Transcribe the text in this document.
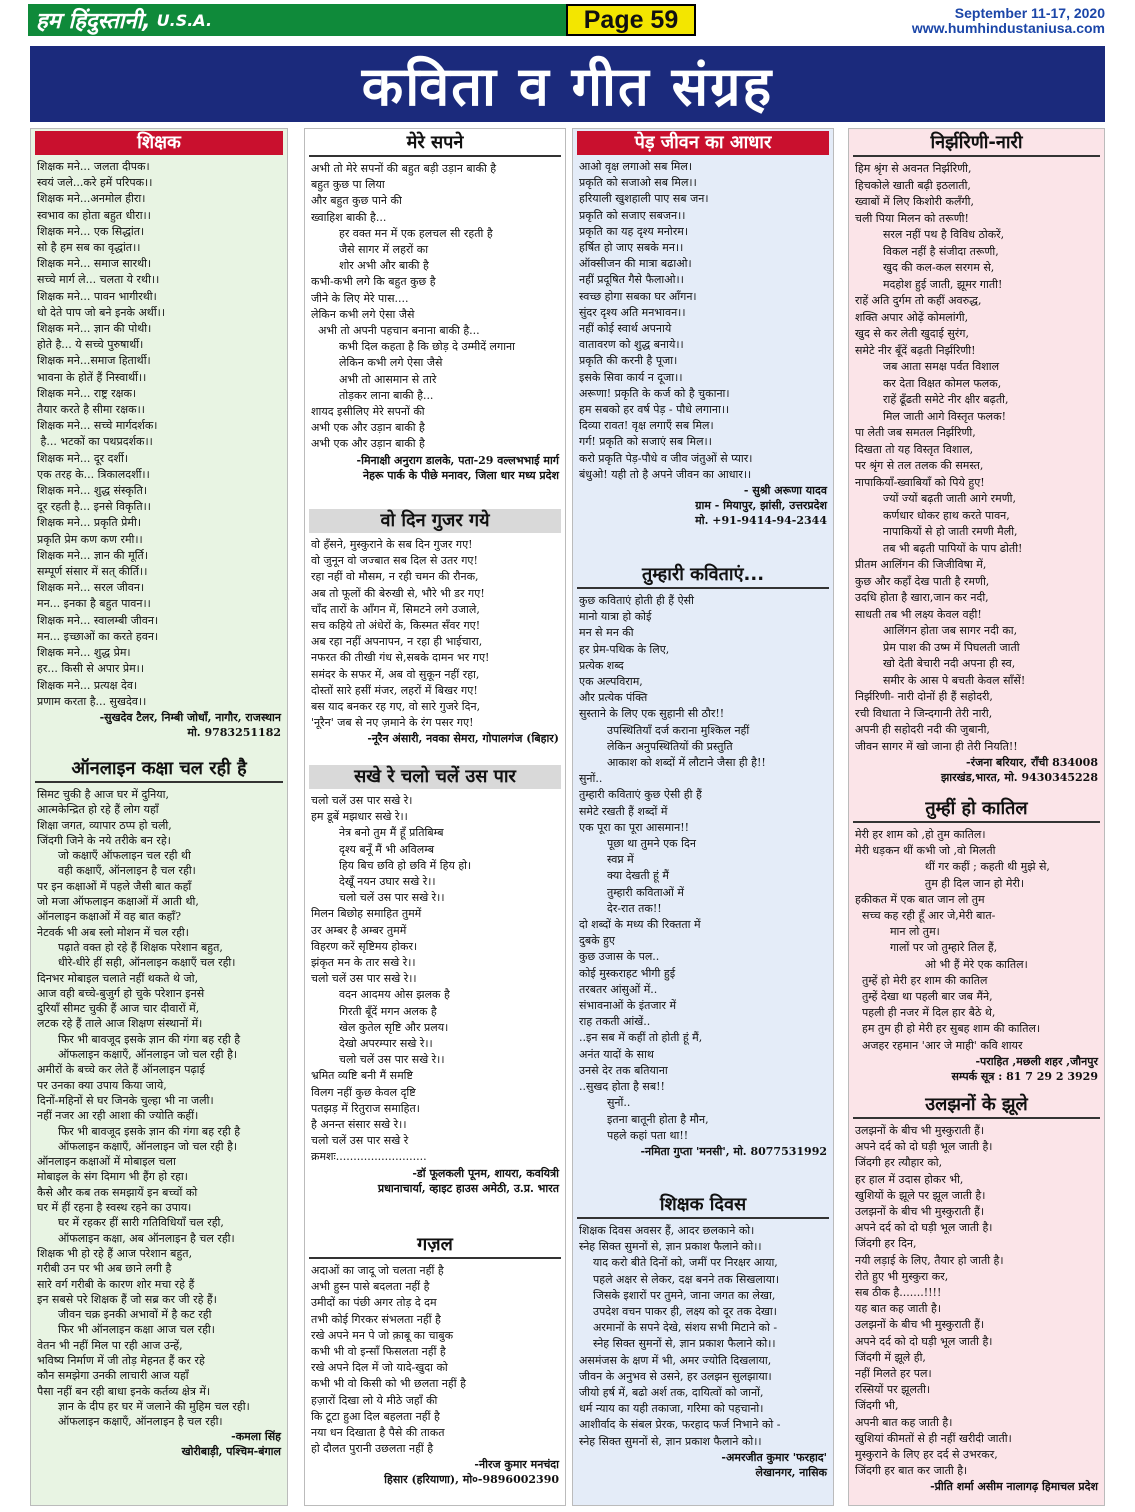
हम हिंदुस्तानी, U.S.A.	Page 59	September 11-17, 2020
www.humhindustaniusa.com
कविता व गीत संग्रह
शिक्षक
शिक्षक मने... जलता दीपक।
स्वयं जले...करे हमें परिपक।।
शिक्षक मने...अनमोल हीरा।
स्वभाव का होता बहुत धीरा।।
शिक्षक मने... एक सिद्धांत।
सो है हम सब का वृद्धांत।।
शिक्षक मने... समाज सारथी।
सच्चे मार्ग ले... चलता ये रथी।।
शिक्षक मने... पावन भागीरथी।
धो देते पाप जो बने इनके अर्थी।।
शिक्षक मने... ज्ञान की पोथी।
होते है... ये सच्चे पुरुषार्थी।
शिक्षक मने...समाज हितार्थी।
भावना के होतें हैं निस्वार्थी।।
शिक्षक मने... राष्ट्र रक्षक।
तैयार करते है सीमा रक्षक।।
शिक्षक मने... सच्चे मार्गदर्शक।
है... भटकों का पथप्रदर्शक।।
शिक्षक मने... दूर दर्शी।
एक तरह के... त्रिकालदर्शी।।
शिक्षक मने... शुद्ध संस्कृति।
दूर रहती है... इनसे विकृति।।
शिक्षक मने... प्रकृति प्रेमी।
प्रकृति प्रेम कण कण रमी।।
शिक्षक मने... ज्ञान की मूर्ति।
सम्पूर्ण संसार में सत् कीर्ति।।
शिक्षक मने... सरल जीवन।
मन... इनका है बहुत पावन।।
शिक्षक मने... स्वालम्बी जीवन।
मन... इच्छाओं का करते हवन।
शिक्षक मने... शुद्ध प्रेम।
हर... किसी से अपार प्रेम।।
शिक्षक मने... प्रत्यक्ष देव।
प्रणाम करता है... सुखदेव।।
-सुखदेव टैलर, निम्बी जोधाँ, नागौर, राजस्थान
मो. 9783251182
ऑनलाइन कक्षा चल रही है
सिमट चुकी है आज घर में दुनिया,
आत्मकेन्द्रित हो रहे हैं लोग यहाँ
शिक्षा जगत, व्यापार ठप्प हो चली,
जिंदगी जिने के नये तरीके बन रहे।
जो कक्षाएँ ऑफलाइन चल रही थी
वही कक्षाएँ, ऑनलाइन है चल रही।
पर इन कक्षाओं में पहले जैसी बात कहाँ
जो मजा ऑफलाइन कक्षाओं में आती थी,
ऑनलाइन कक्षाओं में वह बात कहाँ?
नेटवर्क भी अब स्लो मोशन में चल रही।
पढ़ाते वक्त हो रहे हैं शिक्षक परेशान बहुत,
धीरे-धीरे हीं सही, ऑनलाइन कक्षाएँ चल रही।
दिनभर मोबाइल चलाते नहीं थकते थे जो,
आज वही बच्चे-बुजुर्ग हो चुके परेशान इनसे
दुरियाँ सीमट चुकी हैं आज चार दीवारों में,
लटक रहे हैं ताले आज शिक्षण संस्थानों में।
फिर भी बावजूद इसके ज्ञान की गंगा बह रही है
ऑफलाइन कक्षाएँ, ऑनलाइन जो चल रही है।
अमीरों के बच्चे कर लेते हैं ऑनलाइन पढ़ाई
पर उनका क्या उपाय किया जाये,
दिनों-महिनों से घर जिनके चुल्हा भी ना जली।
नहीं नजर आ रही आशा की ज्योति कहीं।
फिर भी बावजूद इसके ज्ञान की गंगा बह रही है
ऑफलाइन कक्षाएँ, ऑनलाइन जो चल रही है।
ऑनलाइन कक्षाओं में मोबाइल चला
मोबाइल के संग दिमाग भी हैंग हो रहा।
कैसे और कब तक समझायें इन बच्चों को
घर में हीं रहना है स्वस्थ रहने का उपाय।
घर में रहकर हीं सारी गतिविधियाँ चल रही,
ऑफलाइन कक्षा, अब ऑनलाइन है चल रही।
शिक्षक भी हो रहे हैं आज परेशान बहुत,
गरीबी उन पर भी अब छाने लगी है
सारे वर्ग गरीबी के कारण शोर मचा रहे हैं
इन सबसे परे शिक्षक हैं जो सब्र कर जी रहे हैं।
जीवन चक्र इनकी अभावों में है कट रही
फिर भी ऑनलाइन कक्षा आज चल रही।
वेतन भी नहीं मिल पा रही आज उन्हें,
भविष्य निर्माण में जी तोड़ मेहनत हैं कर रहे
कौन समझेगा उनकी लाचारी आज यहाँ
पैसा नहीं बन रही बाधा इनके कर्तव्य क्षेत्र में।
ज्ञान के दीप हर घर में जलाने की मुहिम चल रही।
ऑफलाइन कक्षाएँ, ऑनलाइन है चल रही।
-कमला सिंह
खोरीबाड़ी, पश्चिम-बंगाल
मेरे सपने
अभी तो मेरे सपनों की बहुत बड़ी उड़ान बाकी है
बहुत कुछ पा लिया
और बहुत कुछ पाने की
ख्वाहिश बाकी है...
हर वक्त मन में एक हलचल सी रहती है
जैसे सागर में लहरों का
शोर अभी और बाकी है
कभी-कभी लगे कि बहुत कुछ है
जीने के लिए मेरे पास....
लेकिन कभी लगे ऐसा जैसे
अभी तो अपनी पहचान बनाना बाकी है...
कभी दिल कहता है कि छोड़ दे उम्मीदें लगाना
लेकिन कभी लगे ऐसा जैसे
अभी तो आसमान से तारे
तोड़कर लाना बाकी है...
शायद इसीलिए मेरे सपनों की
अभी एक और उड़ान बाकी है
अभी एक और उड़ान बाकी है
-मिनाक्षी अनुराग डालके, पता-29 वल्लभभाई मार्ग
नेहरू पार्क के पीछे मनावर, जिला धार मध्य प्रदेश
वो दिन गुजर गये
वो हँसने, मुस्कुराने के सब दिन गुजर गए!
वो जुनून वो जज्बात सब दिल से उतर गए!
रहा नहीं वो मौसम, न रही चमन की रौनक,
अब तो फूलों की बेरुखी से, भौरे भी डर गए!
चाँद तारों के आँगन में, सिमटने लगे उजाले,
सच कहिये तो अंधेरों के, किस्मत सँवर गए!
अब रहा नहीं अपनापन, न रहा ही भाईचारा,
नफरत की तीखी गंध से,सबके दामन भर गए!
समंदर के सफर में, अब वो सुकून नहीं रहा,
दोस्तों सारे हसीं मंजर, लहरों में बिखर गए!
बस याद बनकर रह गए, वो सारे गुजरे दिन,
'नूरैन' जब से नए ज़माने के रंग पसर गए!
-नूरैन अंसारी, नवका सेमरा, गोपालगंज (बिहार)
सखे रे चलो चलें उस पार
चलो चलें उस पार सखे रे।
हम डूबें मझधार सखे रे।।
नेत्र बनो तुम मैं हूँ प्रतिबिम्ब
दृश्य बनूँ मैं भी अविलम्ब
हिय बिच छवि हो छवि में हिय हो।
देखूँ नयन उघार सखे रे।।
चलो चलें उस पार सखे रे।।
मिलन बिछोह समाहित तुममें
उर अम्बर है अम्बर तुममें
विहरण करें सृष्टिमय होकर।
झंकृत मन के तार सखे रे।।
चलो चलें उस पार सखे रे।।
वदन आदमय ओस झलक है
गिरती बूँदें मगन अलक है
खेल कुतेल सृष्टि और प्रलय।
देखो अपरम्पार सखे रे।।
चलो चलें उस पार सखे रे।।
भ्रमित व्यष्टि बनी मैं समष्टि
विलग नहीं कुछ केवल दृष्टि
पतझड़ में रितुराज समाहित।
है अनन्त संसार सखे रे।।
चलो चलें उस पार सखे रे
क्रमशः..........................
-डॉ फूलकली पूनम, शायरा, कवयित्री
प्रधानाचार्या, व्हाइट हाउस अमेठी, उ.प्र. भारत
गज़ल
अदाओं का जादू जो चलता नहीं है
अभी हुस्न पासे बदलता नहीं है
उमीदों का पंछी अगर तोड़ दे दम
तभी कोई गिरकर संभलता नहीं है
रखे अपने मन पे जो क़ाबू का चाबुक
कभी भी वो इन्साँ फिसलता नहीं है
रखे अपने दिल में जो यादे-खुदा को
कभी भी वो किसी को भी छलता नहीं है
हज़ारों दिखा लो ये मीठे जहाँ की
कि टूटा हुआ दिल बहलता नहीं है
नया धन दिखाता है पैसे की ताकत
हो दौलत पुरानी उछलता नहीं है
-नीरज कुमार मनचंदा
हिसार (हरियाणा), मो०-9896002390
पेड़ जीवन का आधार
आओ वृक्ष लगाओ सब मिल।
प्रकृति को सजाओ सब मिल।।
हरियाली खुशहाली पाए सब जन।
प्रकृति को सजाए सबजन।।
प्रकृति का यह दृश्य मनोरम।
हर्षित हो जाए सबके मन।।
ऑक्सीजन की मात्रा बढाओ।
नहीं प्रदूषित गैसे फैलाओ।।
स्वच्छ होगा सबका घर आँगन।
सुंदर दृश्य अति मनभावन।।
नहीं कोई स्वार्थ अपनाये
वातावरण को शुद्ध बनाये।।
प्रकृति की करनी है पूजा।
इसके सिवा कार्य न दूजा।।
अरूणा! प्रकृति के कर्ज को है चुकाना।
हम सबको हर वर्ष पेड़ - पौधे लगाना।।
दिव्या रावत! वृक्ष लगाएँ सब मिल।
गर्ग! प्रकृति को सजाएं सब मिल।।
करो प्रकृति पेड़-पौधे व जीव जंतुओं से प्यार।
बंधुओ! यही तो है अपने जीवन का आधार।।
- सुश्री अरूणा यादव
ग्राम - मियापुर, झांसी, उत्तरप्रदेश
मो. +91-9414-94-2344
तुम्हारी कविताएं...
कुछ कविताएं होती ही हैं ऐसी
मानो यात्रा हो कोई
मन से मन की
हर प्रेम-पथिक के लिए,
प्रत्येक शब्द
एक अल्पविराम,
और प्रत्येक पंक्ति
सुस्ताने के लिए एक सुहानी सी ठौर!!
उपस्थितियाँ दर्ज कराना मुश्किल नहीं
लेकिन अनुपस्थितियों की प्रस्तुति
आकाश को शब्दों में लौटाने जैसा ही है!!
सुनों..
तुम्हारी कविताएं कुछ ऐसी ही हैं
समेटे रखती हैं शब्दों में
एक पूरा का पूरा आसमान!!
पूछा था तुमने एक दिन
स्वप्न में
क्या देखती हूं मैं
तुम्हारी कविताओं में
देर-रात तक!!
दो शब्दों के मध्य की रिक्तता में
दुबके हुए
कुछ उजास के पल..
कोई मुस्कराहट भीगी हुई
तरबतर आंसुओं में..
संभावनाओं के इंतजार में
राह तकती आंखें..
..इन सब में कहीं तो होती हूं मैं,
अनंत यादों के साथ
उनसे देर तक बतियाना
..सुखद होता है सब!!
सुनों..
इतना बातूनी होता है मौन,
पहले कहां पता था!!
-नमिता गुप्ता 'मनसी', मो. 8077531992
शिक्षक दिवस
शिक्षक दिवस अवसर हैं, आदर छलकाने को।
स्नेह सिक्त सुमनों से, ज्ञान प्रकाश फैलाने को।।
याद करो बीते दिनों को, जमीं पर निरक्षर आया,
पहले अक्षर से लेकर, दक्ष बनने तक सिखलाया।
जिसके इशारों पर तुमने, जाना जगत का लेखा,
उपदेश वचन पाकर ही, लक्ष्य को दूर तक देखा।
अरमानों के सपने देखे, संशय सभी मिटाने को -
स्नेह सिक्त सुमनों से, ज्ञान प्रकाश फैलाने को।।
असमंजस के क्षण में भी, अमर ज्योति दिखलाया,
जीवन के अनुभव से उसने, हर उलझन सुलझाया।
जीयो हर्ष में, बढो अर्श तक, दायित्वों को जानों,
धर्म न्याय का यही तकाजा, गरिमा को पहचानो।
आशीर्वाद के संबल प्रेरक, फरहाद फर्ज निभाने को -
स्नेह सिक्त सुमनों से, ज्ञान प्रकाश फैलाने को।।
-अमरजीत कुमार 'फरहाद'
लेखानगर, नासिक
निर्झरिणी-नारी
हिम श्रृंग से अवनत निर्झरिणी,
हिचकोले खाती बढ़ी इठलाती,
ख्वाबों में लिए किशोरी कलँगी,
चली पिया मिलन को तरूणी!
सरल नहीं पथ है विविध ठोकरें,
विकल नहीं है संजीदा तरूणी,
खुद की कल-कल सरगम से,
मदहोश हुई जाती, झूमर गाती!
राहें अति दुर्गम तो कहीं अवरुद्ध,
शक्ति अपार ओढ़ें कोमलांगी,
खुद से कर लेती खुदाई सुरंग,
समेटे नीर बूँदें बढ़ती निर्झरिणी!
जब आता समक्ष पर्वत विशाल
कर देता विक्षत कोमल फलक,
राहें ढूँढती समेटे नीर क्षीर बढ़ती,
मिल जाती आगे विस्तृत फलक!
पा लेती जब समतल निर्झरिणी,
दिखता तो यह विस्तृत विशाल,
पर श्रृंग से तल तलक की समस्त,
नापाकियाँ-ख्वाबियाँ को पिये हुए!
ज्यों ज्यों बढ़ती जाती आगे रमणी,
कर्णधार धोकर हाथ करते पावन,
नापाकियों से हो जाती रमणी मैली,
तब भी बढ़ती पापियों के पाप ढोती!
प्रीतम आलिंगन की जिजीविषा में,
कुछ और कहाँ देख पाती है रमणी,
उदधि होता है खारा,जान कर नदी,
साधती तब भी लक्ष्य केवल वही!
आलिंगन होता जब सागर नदी का,
प्रेम पाश की उष्म में पिघलती जाती
खो देती बेचारी नदी अपना ही स्व,
समीर के आस पे बचती केवल साँसें!
निर्झरिणी- नारी दोनों ही हैं सहोदरी,
रची विधाता ने जिन्दगानी तेरी नारी,
अपनी ही सहोदरी नदी की जुबानी,
जीवन सागर में खो जाना ही तेरी नियति!!
-रंजना बरियार, राँची 834008
झारखंड,भारत, मो. 9430345228
तुम्हीं हो कातिल
मेरी हर शाम को ,हो तुम कातिल।
मेरी धड़कन थीं कभी जो ,वो मिलती
थीं गर कहीं ; कहती थी मुझे से,
तुम ही दिल जान हो मेरी।
हकीकत में एक बात जान लो तुम
सच्च कह रही हूँ आर जे,मेरी बात-
मान लो तुम।
गालों पर जो तुम्हारे तिल हैं,
ओ भी हैं मेरे एक कातिल।
तुम्हें हो मेरी हर शाम की कातिल
तुम्हें देखा था पहली बार जब मैंने,
पहली ही नजर में दिल हार बैठे थे,
हम तुम ही हो मेरी हर सुबह शाम की कातिल।
अजहर रहमान 'आर जे माही' कवि शायर
-पराहित ,मछली शहर ,जौनपुर
सम्पर्क सूत्र : 81 7 29 2 3929
उलझनों के झूले
उलझनों के बीच भी मुस्कुराती हैं।
अपने दर्द को दो घड़ी भूल जाती है।
जिंदगी हर त्यौहार को,
हर हाल में उदास होकर भी,
खुशियों के झूले पर झूल जाती है।
उलझनों के बीच भी मुस्कुराती हैं।
अपने दर्द को दो घड़ी भूल जाती है।
जिंदगी हर दिन,
नयी लड़ाई के लिए, तैयार हो जाती है।
रोते हुए भी मुस्कुरा कर,
सब ठीक है.......!!!!
यह बात कह जाती है।
उलझनों के बीच भी मुस्कुराती हैं।
अपने दर्द को दो घड़ी भूल जाती है।
जिंदगी में झूले ही,
नहीं मिलते हर पल।
रस्सियों पर झूलती।
जिंदगी भी,
अपनी बात कह जाती है।
खुशियां कीमतों से ही नहीं खरीदी जाती।
मुस्कुराने के लिए हर दर्द से उभरकर,
जिंदगी हर बात कर जाती है।
-प्रीति शर्मा असीम नालागढ़ हिमाचल प्रदेश
